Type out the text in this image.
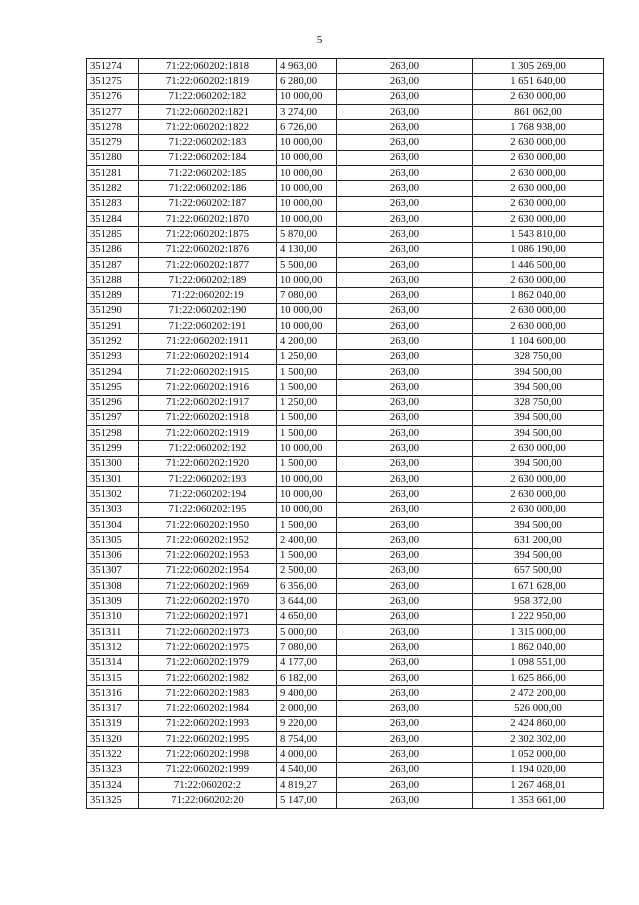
5
351274	71:22:060202:1818	4 963,00	263,00	1 305 269,00
351275	71:22:060202:1819	6 280,00	263,00	1 651 640,00
351276	71:22:060202:182	10 000,00	263,00	2 630 000,00
351277	71:22:060202:1821	3 274,00	263,00	861 062,00
351278	71:22:060202:1822	6 726,00	263,00	1 768 938,00
351279	71:22:060202:183	10 000,00	263,00	2 630 000,00
351280	71:22:060202:184	10 000,00	263,00	2 630 000,00
351281	71:22:060202:185	10 000,00	263,00	2 630 000,00
351282	71:22:060202:186	10 000,00	263,00	2 630 000,00
351283	71:22:060202:187	10 000,00	263,00	2 630 000,00
351284	71:22:060202:1870	10 000,00	263,00	2 630 000,00
351285	71:22:060202:1875	5 870,00	263,00	1 543 810,00
351286	71:22:060202:1876	4 130,00	263,00	1 086 190,00
351287	71:22:060202:1877	5 500,00	263,00	1 446 500,00
351288	71:22:060202:189	10 000,00	263,00	2 630 000,00
351289	71:22:060202:19	7 080,00	263,00	1 862 040,00
351290	71:22:060202:190	10 000,00	263,00	2 630 000,00
351291	71:22:060202:191	10 000,00	263,00	2 630 000,00
351292	71:22:060202:1911	4 200,00	263,00	1 104 600,00
351293	71:22:060202:1914	1 250,00	263,00	328 750,00
351294	71:22:060202:1915	1 500,00	263,00	394 500,00
351295	71:22:060202:1916	1 500,00	263,00	394 500,00
351296	71:22:060202:1917	1 250,00	263,00	328 750,00
351297	71:22:060202:1918	1 500,00	263,00	394 500,00
351298	71:22:060202:1919	1 500,00	263,00	394 500,00
351299	71:22:060202:192	10 000,00	263,00	2 630 000,00
351300	71:22:060202:1920	1 500,00	263,00	394 500,00
351301	71:22:060202:193	10 000,00	263,00	2 630 000,00
351302	71:22:060202:194	10 000,00	263,00	2 630 000,00
351303	71:22:060202:195	10 000,00	263,00	2 630 000,00
351304	71:22:060202:1950	1 500,00	263,00	394 500,00
351305	71:22:060202:1952	2 400,00	263,00	631 200,00
351306	71:22:060202:1953	1 500,00	263,00	394 500,00
351307	71:22:060202:1954	2 500,00	263,00	657 500,00
351308	71:22:060202:1969	6 356,00	263,00	1 671 628,00
351309	71:22:060202:1970	3 644,00	263,00	958 372,00
351310	71:22:060202:1971	4 650,00	263,00	1 222 950,00
351311	71:22:060202:1973	5 000,00	263,00	1 315 000,00
351312	71:22:060202:1975	7 080,00	263,00	1 862 040,00
351314	71:22:060202:1979	4 177,00	263,00	1 098 551,00
351315	71:22:060202:1982	6 182,00	263,00	1 625 866,00
351316	71:22:060202:1983	9 400,00	263,00	2 472 200,00
351317	71:22:060202:1984	2 000,00	263,00	526 000,00
351319	71:22:060202:1993	9 220,00	263,00	2 424 860,00
351320	71:22:060202:1995	8 754,00	263,00	2 302 302,00
351322	71:22:060202:1998	4 000,00	263,00	1 052 000,00
351323	71:22:060202:1999	4 540,00	263,00	1 194 020,00
351324	71:22:060202:2	4 819,27	263,00	1 267 468,01
351325	71:22:060202:20	5 147,00	263,00	1 353 661,00
